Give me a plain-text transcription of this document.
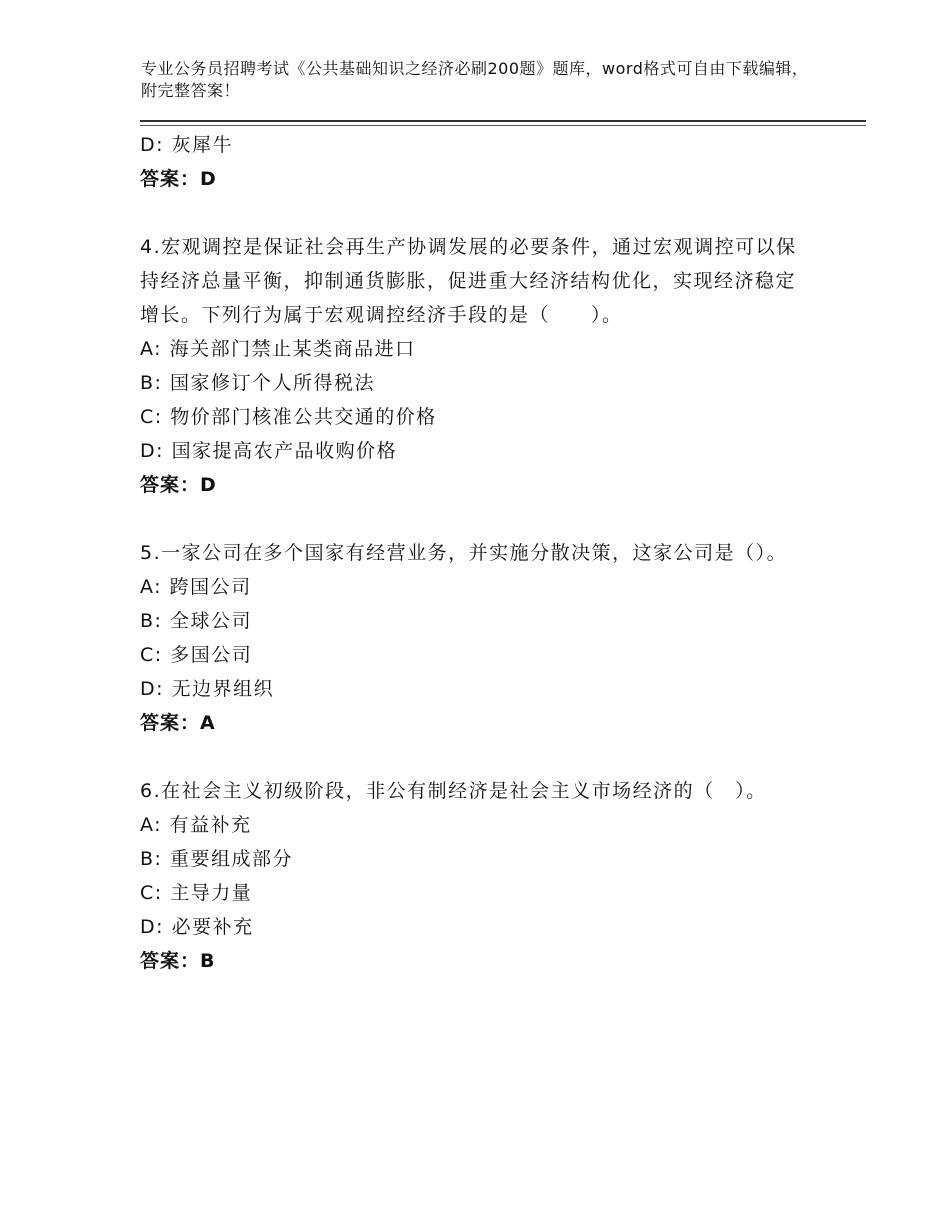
专业公务员招聘考试《公共基础知识之经济必刷200题》题库，word格式可自由下载编辑，附完整答案！
D: 灰犀牛
答案：D
4.宏观调控是保证社会再生产协调发展的必要条件，通过宏观调控可以保持经济总量平衡，抑制通货膨胀，促进重大经济结构优化，实现经济稳定增长。下列行为属于宏观调控经济手段的是（　　）。
A: 海关部门禁止某类商品进口
B: 国家修订个人所得税法
C: 物价部门核准公共交通的价格
D: 国家提高农产品收购价格
答案：D
5.一家公司在多个国家有经营业务，并实施分散决策，这家公司是（）。
A: 跨国公司
B: 全球公司
C: 多国公司
D: 无边界组织
答案：A
6.在社会主义初级阶段，非公有制经济是社会主义市场经济的（　）。
A: 有益补充
B: 重要组成部分
C: 主导力量
D: 必要补充
答案：B
